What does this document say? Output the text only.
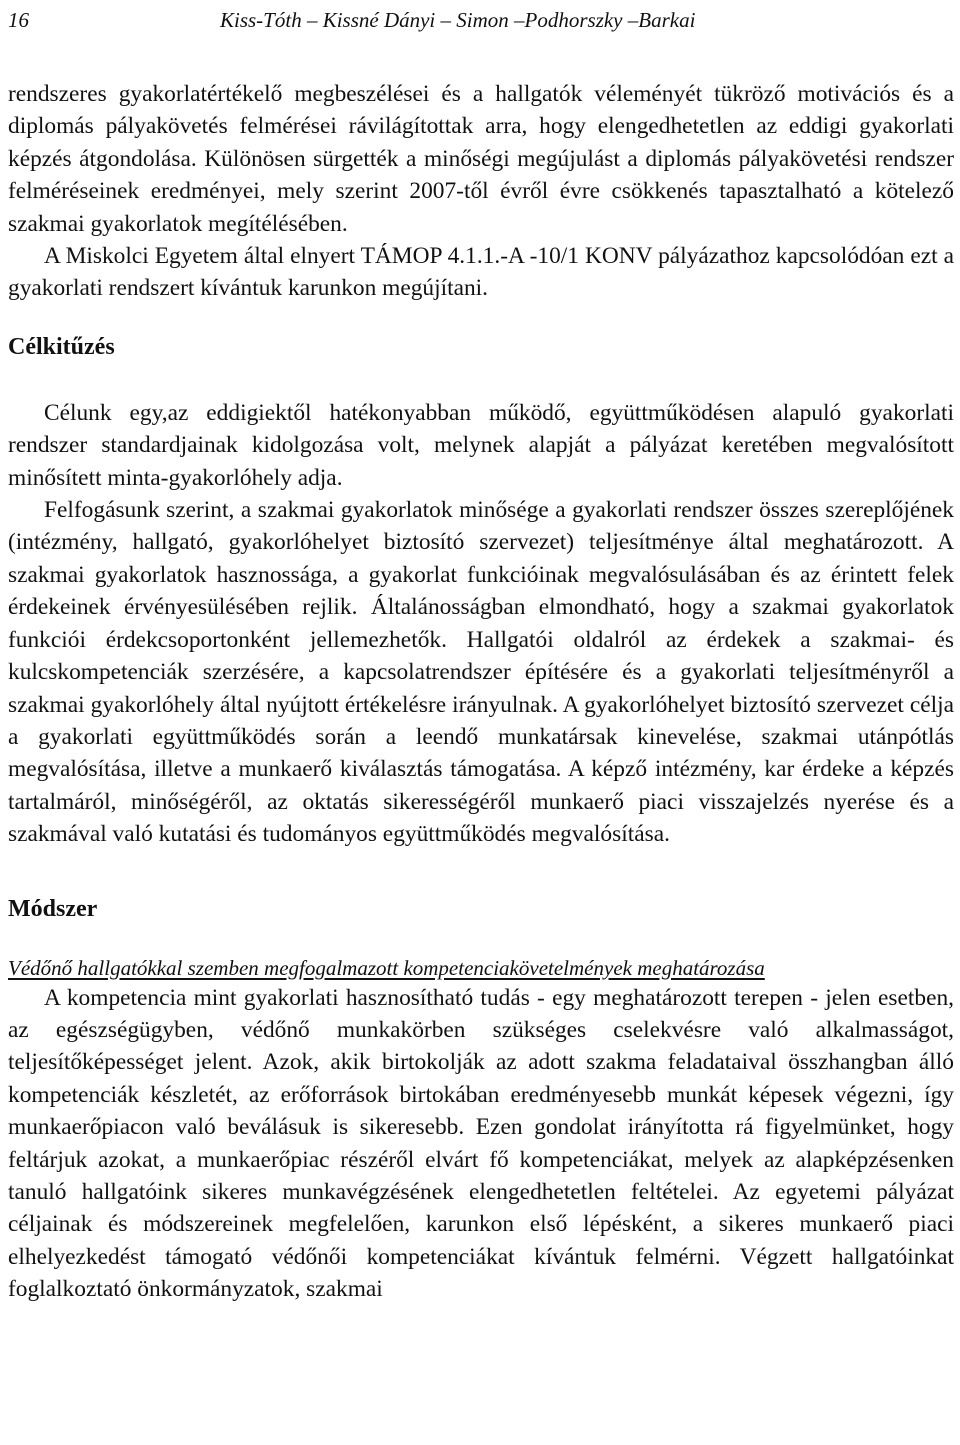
16	Kiss-Tóth – Kissné Dányi – Simon –Podhorszky –Barkai

rendszeres gyakorlatértékelő megbeszélései és a hallgatók véleményét tükröző motivációs és a diplomás pályakövetés felmérései rávilágítottak arra, hogy elengedhetetlen az eddigi gyakorlati képzés átgondolása. Különösen sürgették a minőségi megújulást a diplomás pályakövetési rendszer felméréseinek eredményei, mely szerint 2007-től évről évre csökkenés tapasztalható a kötelező szakmai gyakorlatok megítélésében.

A Miskolci Egyetem által elnyert TÁMOP 4.1.1.-A -10/1 KONV pályázathoz kapcsolódóan ezt a gyakorlati rendszert kívántuk karunkon megújítani.

Célkitűzés

Célunk egy,az eddigiektől hatékonyabban működő, együttműködésen alapuló gyakorlati rendszer standardjainak kidolgozása volt, melynek alapját a pályázat keretében megvalósított minősített minta-gyakorlóhely adja.

Felfogásunk szerint, a szakmai gyakorlatok minősége a gyakorlati rendszer összes szereplőjének (intézmény, hallgató, gyakorlóhelyet biztosító szervezet) teljesítménye által meghatározott. A szakmai gyakorlatok hasznossága, a gyakorlat funkcióinak megvalósulásában és az érintett felek érdekeinek érvényesülésében rejlik. Általánosságban elmondható, hogy a szakmai gyakorlatok funkciói érdekcsoportonként jellemezhetők. Hallgatói oldalról az érdekek a szakmai- és kulcskompetenciák szerzésére, a kapcsolatrendszer építésére és a gyakorlati teljesítményről a szakmai gyakorlóhely által nyújtott értékelésre irányulnak. A gyakorlóhelyet biztosító szervezet célja a gyakorlati együttműködés során a leendő munkatársak kinevelése, szakmai utánpótlás megvalósítása, illetve a munkaerő kiválasztás támogatása. A képző intézmény, kar érdeke a képzés tartalmáról, minőségéről, az oktatás sikerességéről munkaerő piaci visszajelzés nyerése és a szakmával való kutatási és tudományos együttműködés megvalósítása.

Módszer

Védőnő hallgatókkal szemben megfogalmazott kompetenciakövetelmények meghatározása

A kompetencia mint gyakorlati hasznosítható tudás - egy meghatározott terepen - jelen esetben, az egészségügyben, védőnő munkakörben szükséges cselekvésre való alkalmasságot, teljesítőképességet jelent. Azok, akik birtokolják az adott szakma feladataival összhangban álló kompetenciák készletét, az erőforrások birtokában eredményesebb munkát képesek végezni, így munkaerőpiacon való beválásuk is sikeresebb. Ezen gondolat irányította rá figyelmünket, hogy feltárjuk azokat, a munkaerőpiac részéről elvárt fő kompetenciákat, melyek az alapképzésenken tanuló hallgatóink sikeres munkavégzésének elengedhetetlen feltételei. Az egyetemi pályázat céljainak és módszereinek megfelelően, karunkon első lépésként, a sikeres munkaerő piaci elhelyezkedést támogató védőnői kompetenciákat kívántuk felmérni. Végzett hallgatóinkat foglalkoztató önkormányzatok, szakmai
